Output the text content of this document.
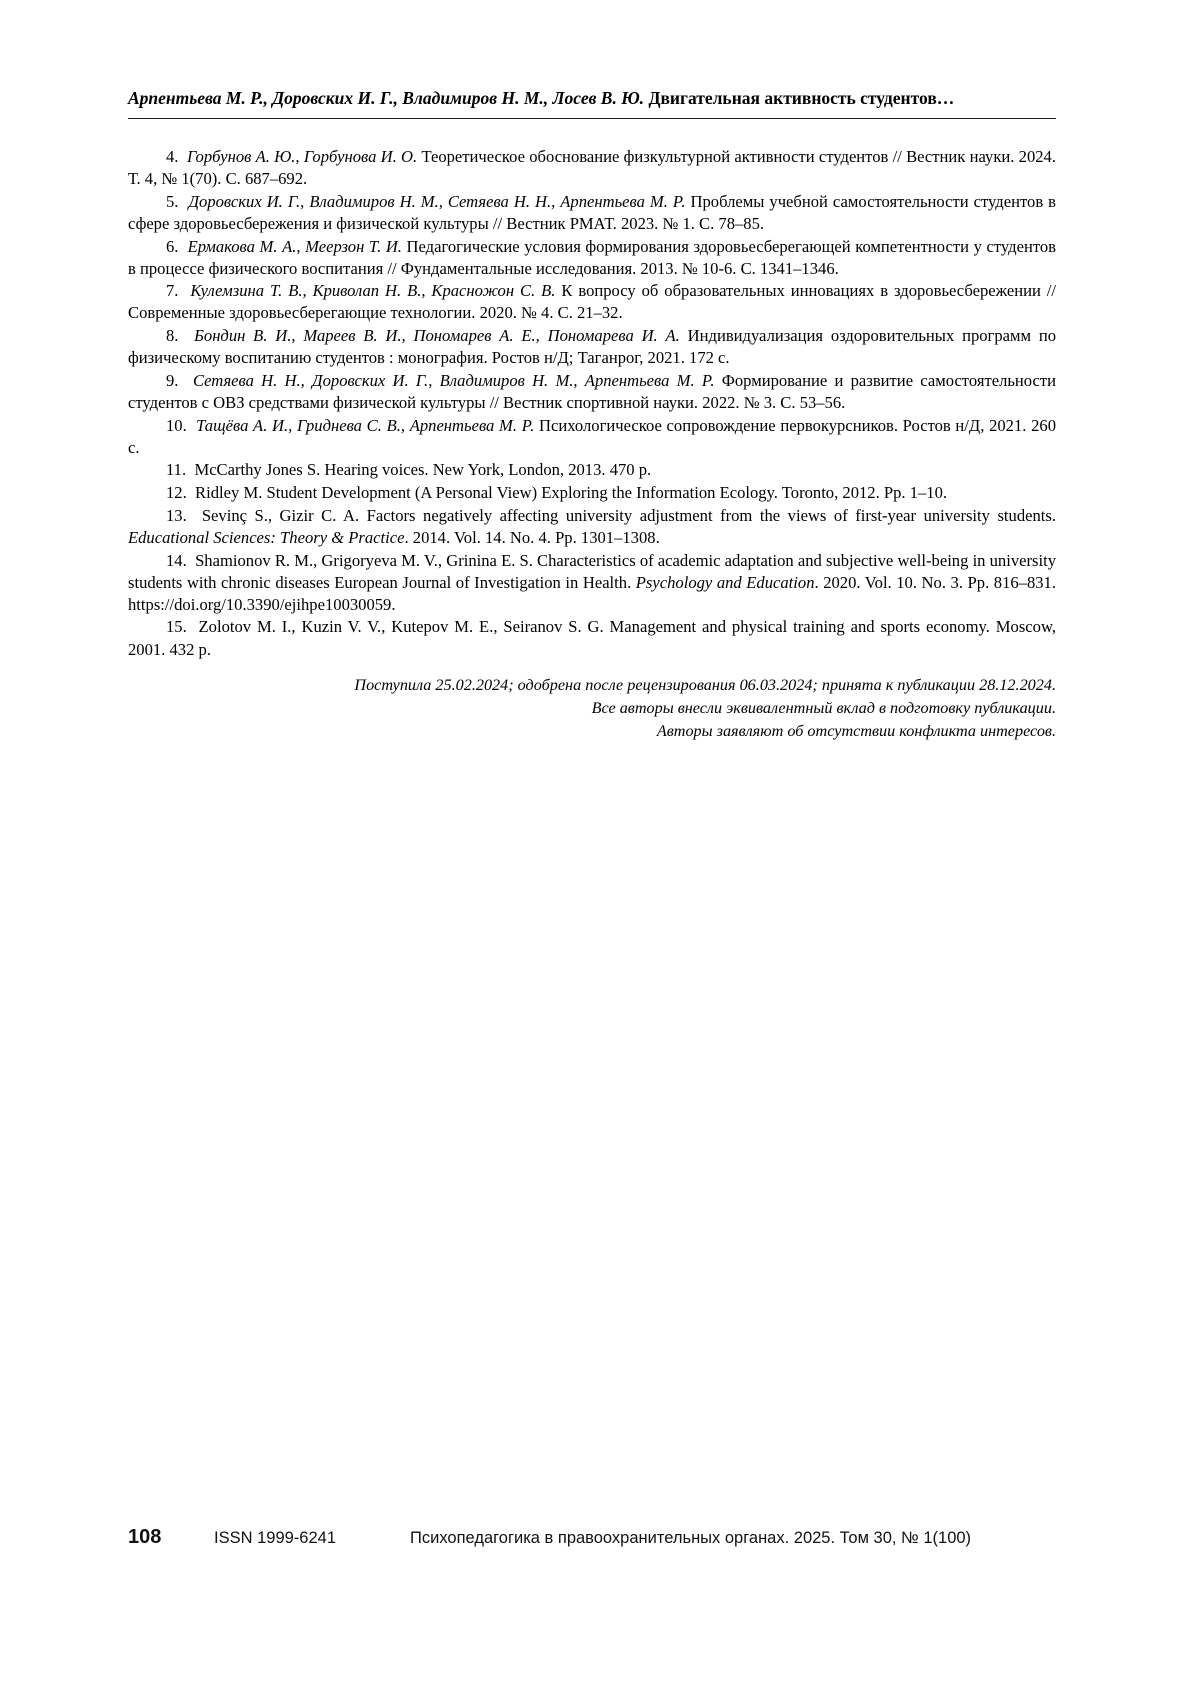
Арпентьева М. Р., Доровских И. Г., Владимиров Н. М., Лосев В. Ю. Двигательная активность студентов…

4. Горбунов А. Ю., Горбунова И. О. Теоретическое обоснование физкультурной активности студентов // Вестник науки. 2024. Т. 4, № 1(70). С. 687–692.

5. Доровских И. Г., Владимиров Н. М., Сетяева Н. Н., Арпентьева М. Р. Проблемы учебной самостоятельности студентов в сфере здоровьесбережения и физической культуры // Вестник РМАТ. 2023. № 1. С. 78–85.

6. Ермакова М. А., Меерзон Т. И. Педагогические условия формирования здоровьесберегающей компетентности у студентов в процессе физического воспитания // Фундаментальные исследования. 2013. № 10-6. С. 1341–1346.

7. Кулемзина Т. В., Криволап Н. В., Красножон С. В. К вопросу об образовательных инновациях в здоровьесбережении // Современные здоровьесберегающие технологии. 2020. № 4. С. 21–32.

8. Бондин В. И., Мареев В. И., Пономарев А. Е., Пономарева И. А. Индивидуализация оздоровительных программ по физическому воспитанию студентов : монография. Ростов н/Д; Таганрог, 2021. 172 с.

9. Сетяева Н. Н., Доровских И. Г., Владимиров Н. М., Арпентьева М. Р. Формирование и развитие самостоятельности студентов с ОВЗ средствами физической культуры // Вестник спортивной науки. 2022. № 3. С. 53–56.

10. Тащёва А. И., Гриднева С. В., Арпентьева М. Р. Психологическое сопровождение первокурсников. Ростов н/Д, 2021. 260 с.

11. McCarthy Jones S. Hearing voices. New York, London, 2013. 470 p.

12. Ridley M. Student Development (A Personal View) Exploring the Information Ecology. Toronto, 2012. Pp. 1–10.

13. Sevinç S., Gizir C. A. Factors negatively affecting university adjustment from the views of first-year university students. Educational Sciences: Theory & Practice. 2014. Vol. 14. No. 4. Pp. 1301–1308.

14. Shamionov R. M., Grigoryeva M. V., Grinina E. S. Characteristics of academic adaptation and subjective well-being in university students with chronic diseases European Journal of Investigation in Health. Psychology and Education. 2020. Vol. 10. No. 3. Pp. 816–831. https://doi.org/10.3390/ejihpe10030059.

15. Zolotov M. I., Kuzin V. V., Kutepov M. E., Seiranov S. G. Management and physical training and sports economy. Moscow, 2001. 432 p.

Поступила 25.02.2024; одобрена после рецензирования 06.03.2024; принята к публикации 28.12.2024.
Все авторы внесли эквивалентный вклад в подготовку публикации.
Авторы заявляют об отсутствии конфликта интересов.
108	ISSN 1999-6241	Психопедагогика в правоохранительных органах. 2025. Том 30, № 1(100)
